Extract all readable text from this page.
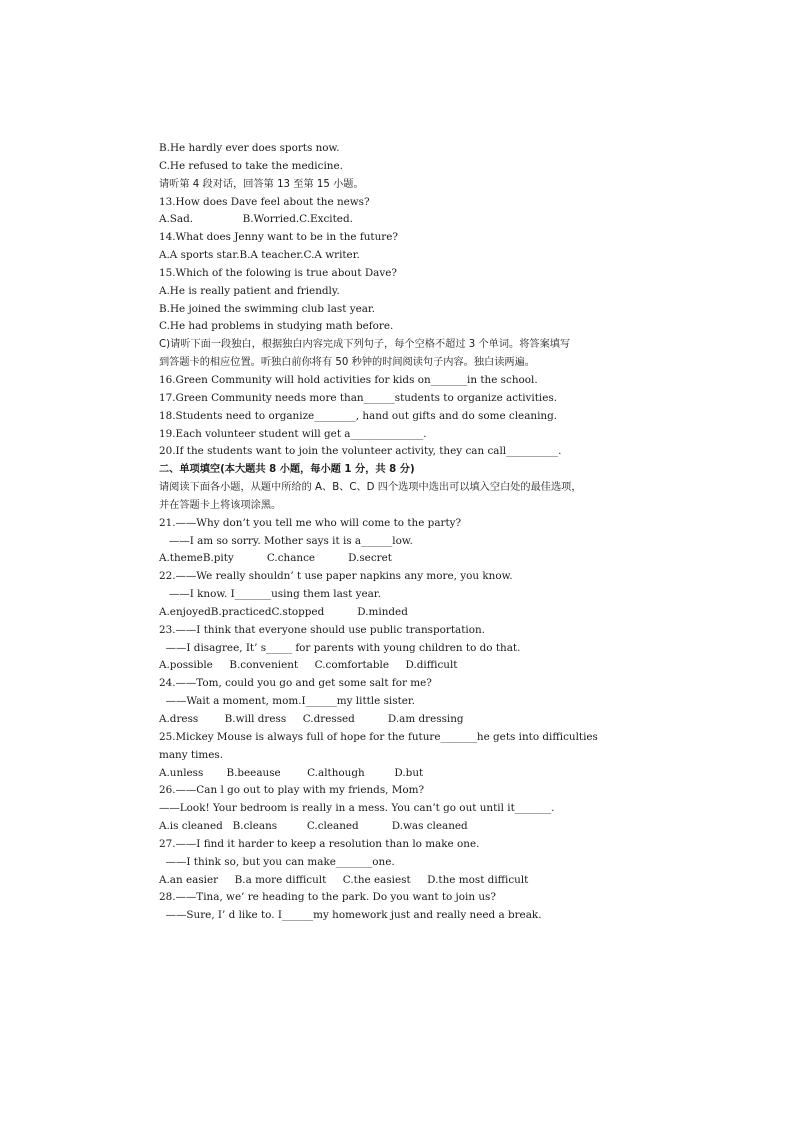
B.He hardly ever does sports now.
C.He refused to take the medicine.
请听第 4 段对话，回答第 13 至第 15 小题。
13.How does Dave feel about the news?
A.Sad.               B.Worried.C.Excited.
14.What does Jenny want to be in the future?
A.A sports star.B.A teacher.C.A writer.
15.Which of the folowing is true about Dave?
A.He is really patient and friendly.
B.He joined the swimming club last year.
C.He had problems in studying math before.
C)请听下面一段独白，根据独白内容完成下列句子，每个空格不超过 3 个单词。将答案填写
到答题卡的相应位置。听独白前你将有 50 秒钟的时间阅读句子内容。独白读两遍。
16.Green Community will hold activities for kids on_______in the school.
17.Green Community needs more than______students to organize activities.
18.Students need to organize________, hand out gifts and do some cleaning.
19.Each volunteer student will get a______________.
20.If the students want to join the volunteer activity, they can call__________.
二、单项填空(本大题共 8 小题，每小题 1 分，共 8 分)
请阅读下面各小题，从题中所给的 A、B、C、D 四个选项中选出可以填入空白处的最佳选项，
并在答题卡上将该项涂黑。
21.——Why don’t you tell me who will come to the party?
——I am so sorry. Mother says it is a______low.
A.themeB.pity          C.chance          D.secret
22.——We really shouldn’ t use paper napkins any more, you know.
——I know. I_______using them last year.
A.enjoyedB.practicedC.stopped          D.minded
23.——I think that everyone should use public transportation.
——I disagree, It’ s_____ for parents with young children to do that.
A.possible     B.convenient     C.comfortable     D.difficult
24.——Tom, could you go and get some salt for me?
——Wait a moment, mom.I______my little sister.
A.dress        B.will dress     C.dressed          D.am dressing
25.Mickey Mouse is always full of hope for the future_______he gets into difficulties
many times.
A.unless       B.beeause        C.although         D.but
26.——Can l go out to play with my friends, Mom?
——Look! Your bedroom is really in a mess. You can’t go out until it_______.
A.is cleaned   B.cleans         C.cleaned          D.was cleaned
27.——I find it harder to keep a resolution than lo make one.
——I think so, but you can make_______one.
A.an easier     B.a more difficult     C.the easiest     D.the most difficult
28.——Tina, we’ re heading to the park. Do you want to join us?
——Sure, I’ d like to. I______my homework just and really need a break.
